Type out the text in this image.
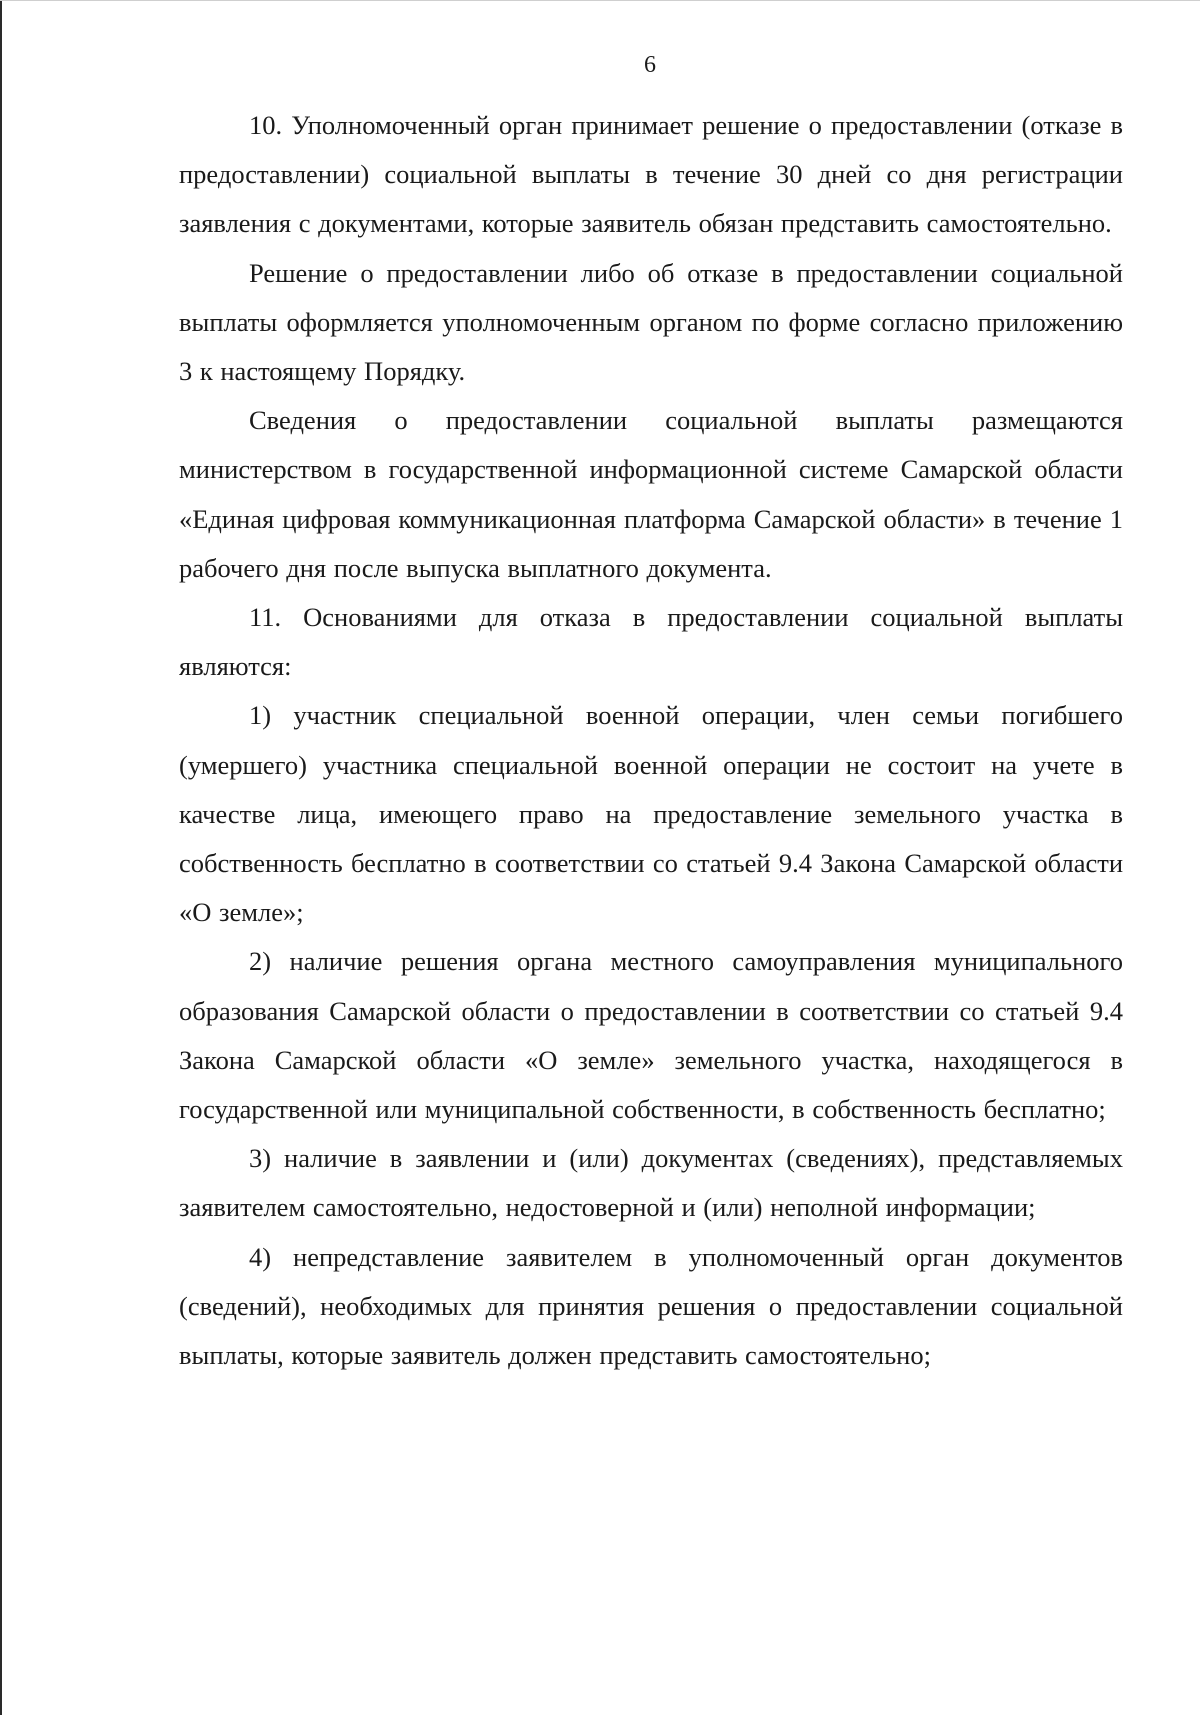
6

10. Уполномоченный орган принимает решение о предоставлении (отказе в предоставлении) социальной выплаты в течение 30 дней со дня регистрации заявления с документами, которые заявитель обязан представить самостоятельно.

Решение о предоставлении либо об отказе в предоставлении социальной выплаты оформляется уполномоченным органом по форме согласно приложению 3 к настоящему Порядку.

Сведения о предоставлении социальной выплаты размещаются министерством в государственной информационной системе Самарской области «Единая цифровая коммуникационная платформа Самарской области» в течение 1 рабочего дня после выпуска выплатного документа.

11. Основаниями для отказа в предоставлении социальной выплаты являются:

1) участник специальной военной операции, член семьи погибшего (умершего) участника специальной военной операции не состоит на учете в качестве лица, имеющего право на предоставление земельного участка в собственность бесплатно в соответствии со статьей 9.4 Закона Самарской области «О земле»;

2) наличие решения органа местного самоуправления муниципального образования Самарской области о предоставлении в соответствии со статьей 9.4 Закона Самарской области «О земле» земельного участка, находящегося в государственной или муниципальной собственности, в собственность бесплатно;

3) наличие в заявлении и (или) документах (сведениях), представляемых заявителем самостоятельно, недостоверной и (или) неполной информации;

4) непредставление заявителем в уполномоченный орган документов (сведений), необходимых для принятия решения о предоставлении социальной выплаты, которые заявитель должен представить самостоятельно;
